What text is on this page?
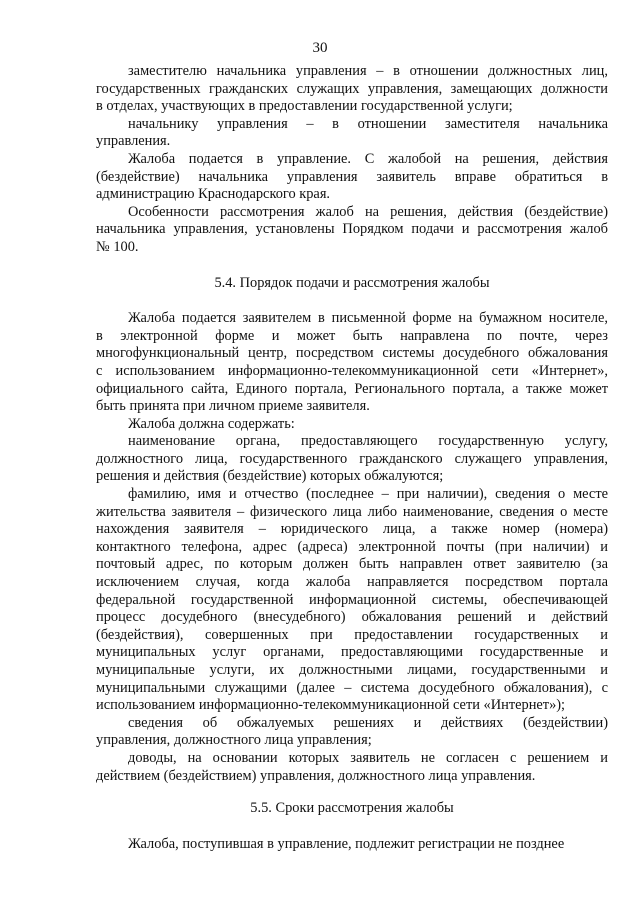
30
заместителю начальника управления – в отношении должностных лиц,
государственных гражданских служащих управления, замещающих должности
в отделах, участвующих в предоставлении государственной услуги;
начальнику управления – в отношении заместителя начальника
управления.
Жалоба подается в управление. С жалобой на решения, действия
(бездействие) начальника управления заявитель вправе обратиться в
администрацию Краснодарского края.
Особенности рассмотрения жалоб на решения, действия (бездействие)
начальника управления, установлены Порядком подачи и рассмотрения жалоб
№ 100.
5.4. Порядок подачи и рассмотрения жалобы
Жалоба подается заявителем в письменной форме на бумажном носителе,
в электронной форме и может быть направлена по почте, через
многофункциональный центр, посредством системы досудебного обжалования
с использованием информационно-телекоммуникационной сети «Интернет»,
официального сайта, Единого портала, Регионального портала, а также может
быть принята при личном приеме заявителя.
Жалоба должна содержать:
наименование органа, предоставляющего государственную услугу,
должностного лица, государственного гражданского служащего управления,
решения и действия (бездействие) которых обжалуются;
фамилию, имя и отчество (последнее – при наличии), сведения о месте
жительства заявителя – физического лица либо наименование, сведения о месте
нахождения заявителя – юридического лица, а также номер (номера)
контактного телефона, адрес (адреса) электронной почты (при наличии) и
почтовый адрес, по которым должен быть направлен ответ заявителю (за
исключением случая, когда жалоба направляется посредством портала
федеральной государственной информационной системы, обеспечивающей
процесс досудебного (внесудебного) обжалования решений и действий
(бездействия), совершенных при предоставлении государственных и
муниципальных услуг органами, предоставляющими государственные и
муниципальные услуги, их должностными лицами, государственными и
муниципальными служащими (далее – система досудебного обжалования), с
использованием информационно-телекоммуникационной сети «Интернет»);
сведения об обжалуемых решениях и действиях (бездействии)
управления, должностного лица управления;
доводы, на основании которых заявитель не согласен с решением и
действием (бездействием) управления, должностного лица управления.
5.5. Сроки рассмотрения жалобы
Жалоба, поступившая в управление, подлежит регистрации не позднее
